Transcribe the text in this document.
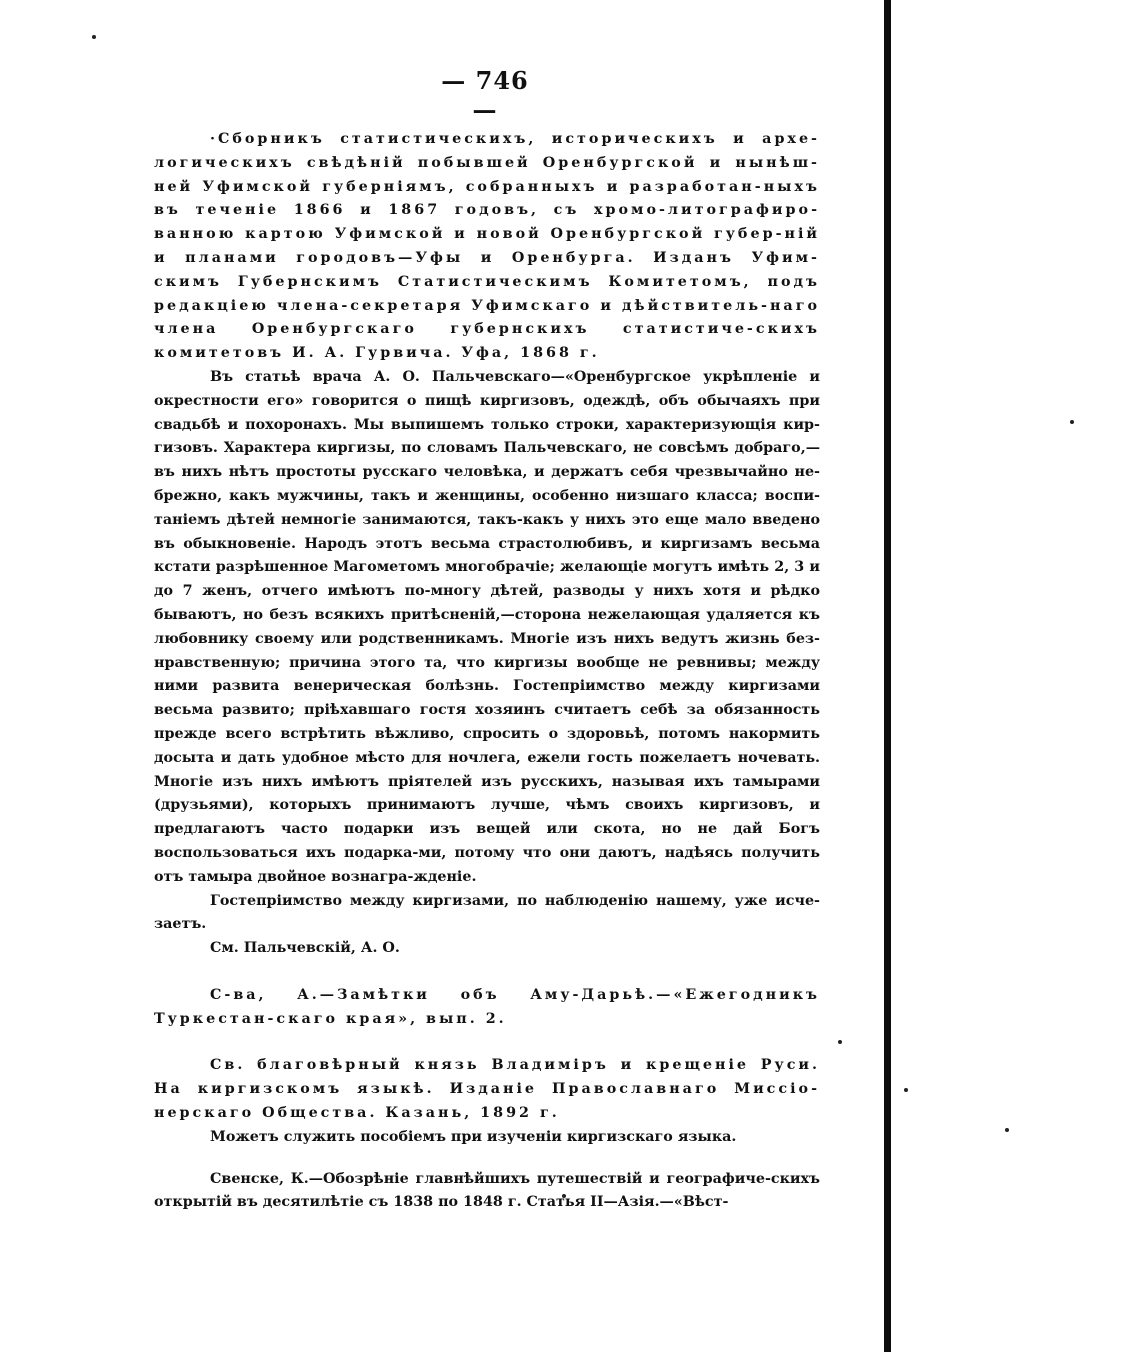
— 746 —

·Сборникъ статистическихъ, историческихъ и архе-логическихъ свѣдѣній побывшей Оренбургской и нынѣш-ней Уфимской губерніямъ, собранныхъ и разработан-ныхъ въ теченіе 1866 и 1867 годовъ, съ хромо-литографиро-ванною картою Уфимской и новой Оренбургской губер-ній и планами городовъ—Уфы и Оренбурга. Изданъ Уфим-скимъ Губернскимъ Статистическимъ Комитетомъ, подъ редакціею члена-секретаря Уфимскаго и дѣйствитель-наго члена Оренбургскаго губернскихъ статистиче-скихъ комитетовъ И. А. Гурвича. Уфа, 1868 г.

Въ статьѣ врача А. О. Пальчевскаго—«Оренбургское укрѣпленіе и окрестности его» говорится о пищѣ киргизовъ, одеждѣ, объ обычаяхъ при свадьбѣ и похоронахъ. Мы выпишемъ только строки, характеризующія кир-гизовъ. Характера киргизы, по словамъ Пальчевскаго, не совсѣмъ добраго,— въ нихъ нѣтъ простоты русскаго человѣка, и держатъ себя чрезвычайно не-брежно, какъ мужчины, такъ и женщины, особенно низшаго класса; воспи-таніемъ дѣтей немногіе занимаются, такъ-какъ у нихъ это еще мало введено въ обыкновеніе. Народъ этотъ весьма страстолюбивъ, и киргизамъ весьма кстати разрѣшенное Магометомъ многобрачіе; желающіе могутъ имѣть 2, 3 и до 7 женъ, отчего имѣютъ по-многу дѣтей, разводы у нихъ хотя и рѣдко бываютъ, но безъ всякихъ притѣсненій,—сторона нежелающая удаляется къ любовнику своему или родственникамъ. Многіе изъ нихъ ведутъ жизнь без-нравственную; причина этого та, что киргизы вообще не ревнивы; между ними развита венерическая болѣзнь. Гостепріимство между киргизами весьма развито; пріѣхавшаго гостя хозяинъ считаетъ себѣ за обязанность прежде всего встрѣтить вѣжливо, спросить о здоровьѣ, потомъ накормить досыта и дать удобное мѣсто для ночлега, ежели гость пожелаетъ ночевать. Многіе изъ нихъ имѣютъ пріятелей изъ русскихъ, называя ихъ тамырами (друзьями), которыхъ принимаютъ лучше, чѣмъ своихъ киргизовъ, и предлагаютъ часто подарки изъ вещей или скота, но не дай Богъ воспользоваться ихъ подарка-ми, потому что они даютъ, надѣясь получить отъ тамыра двойное вознагра-жденіе.

Гостепріимство между киргизами, по наблюденію нашему, уже исче-заетъ.

См. Пальчевскій, А. О.

С-ва, А.—Замѣтки объ Аму-Дарьѣ.—«Ежегодникъ Туркестан-скаго края», вып. 2.

Св. благовѣрный князь Владиміръ и крещеніе Руси. На киргизскомъ языкѣ. Изданіе Православнаго Миссіо-нерскаго Общества. Казань, 1892 г.

Можетъ служить пособіемъ при изученіи киргизскаго языка.

Свенске, К.—Обозрѣніе главнѣйшихъ путешествій и географиче-скихъ открытій въ десятилѣтіе съ 1838 по 1848 г. Статья II—Азія.—«Вѣст-
